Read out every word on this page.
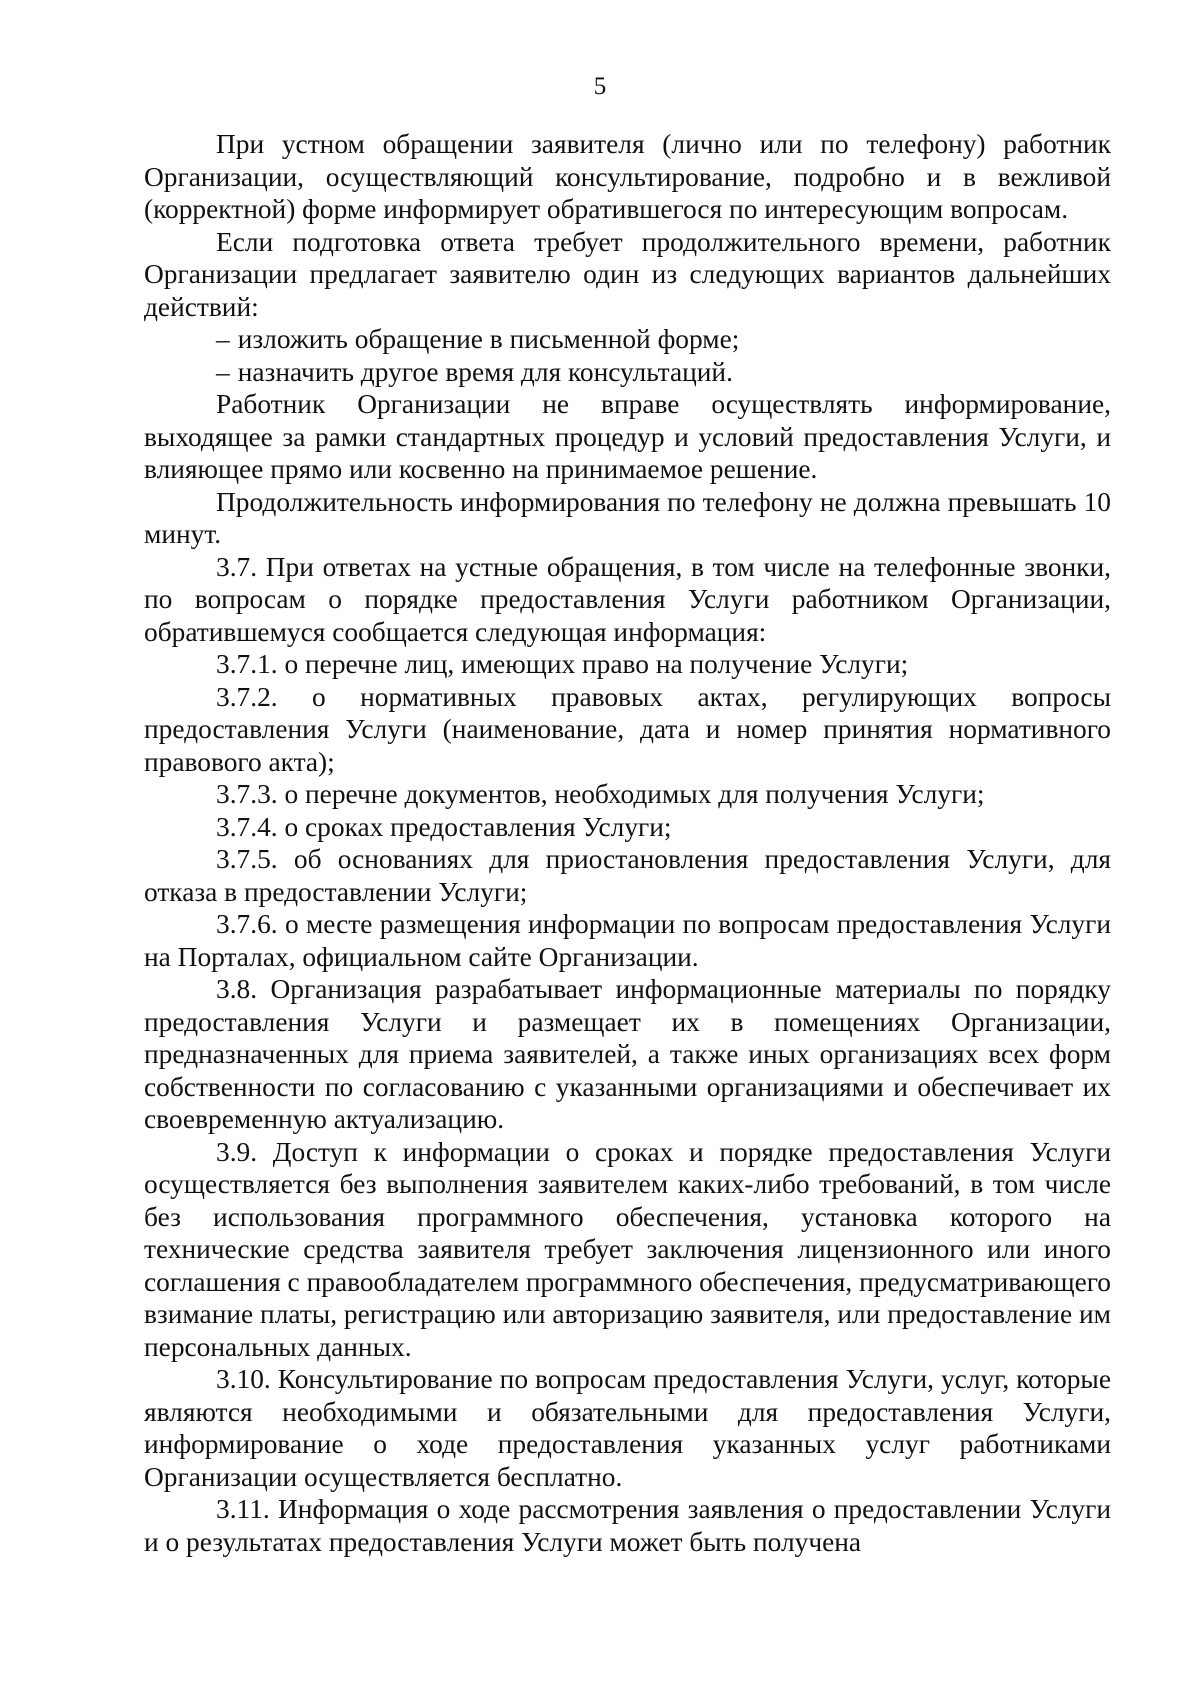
5

При устном обращении заявителя (лично или по телефону) работник Организации, осуществляющий консультирование, подробно и в вежливой (корректной) форме информирует обратившегося по интересующим вопросам.

Если подготовка ответа требует продолжительного времени, работник Организации предлагает заявителю один из следующих вариантов дальнейших действий:

– изложить обращение в письменной форме;

– назначить другое время для консультаций.

Работник Организации не вправе осуществлять информирование, выходящее за рамки стандартных процедур и условий предоставления Услуги, и влияющее прямо или косвенно на принимаемое решение.

Продолжительность информирования по телефону не должна превышать 10 минут.

3.7. При ответах на устные обращения, в том числе на телефонные звонки, по вопросам о порядке предоставления Услуги работником Организации, обратившемуся сообщается следующая информация:

3.7.1. о перечне лиц, имеющих право на получение Услуги;

3.7.2. о нормативных правовых актах, регулирующих вопросы предоставления Услуги (наименование, дата и номер принятия нормативного правового акта);

3.7.3. о перечне документов, необходимых для получения Услуги;

3.7.4. о сроках предоставления Услуги;

3.7.5. об основаниях для приостановления предоставления Услуги, для отказа в предоставлении Услуги;

3.7.6. о месте размещения информации по вопросам предоставления Услуги на Порталах, официальном сайте Организации.

3.8. Организация разрабатывает информационные материалы по порядку предоставления Услуги и размещает их в помещениях Организации, предназначенных для приема заявителей, а также иных организациях всех форм собственности по согласованию с указанными организациями и обеспечивает их своевременную актуализацию.

3.9. Доступ к информации о сроках и порядке предоставления Услуги осуществляется без выполнения заявителем каких-либо требований, в том числе без использования программного обеспечения, установка которого на технические средства заявителя требует заключения лицензионного или иного соглашения с правообладателем программного обеспечения, предусматривающего взимание платы, регистрацию или авторизацию заявителя, или предоставление им персональных данных.

3.10. Консультирование по вопросам предоставления Услуги, услуг, которые являются необходимыми и обязательными для предоставления Услуги, информирование о ходе предоставления указанных услуг работниками Организации осуществляется бесплатно.

3.11. Информация о ходе рассмотрения заявления о предоставлении Услуги и о результатах предоставления Услуги может быть получена
